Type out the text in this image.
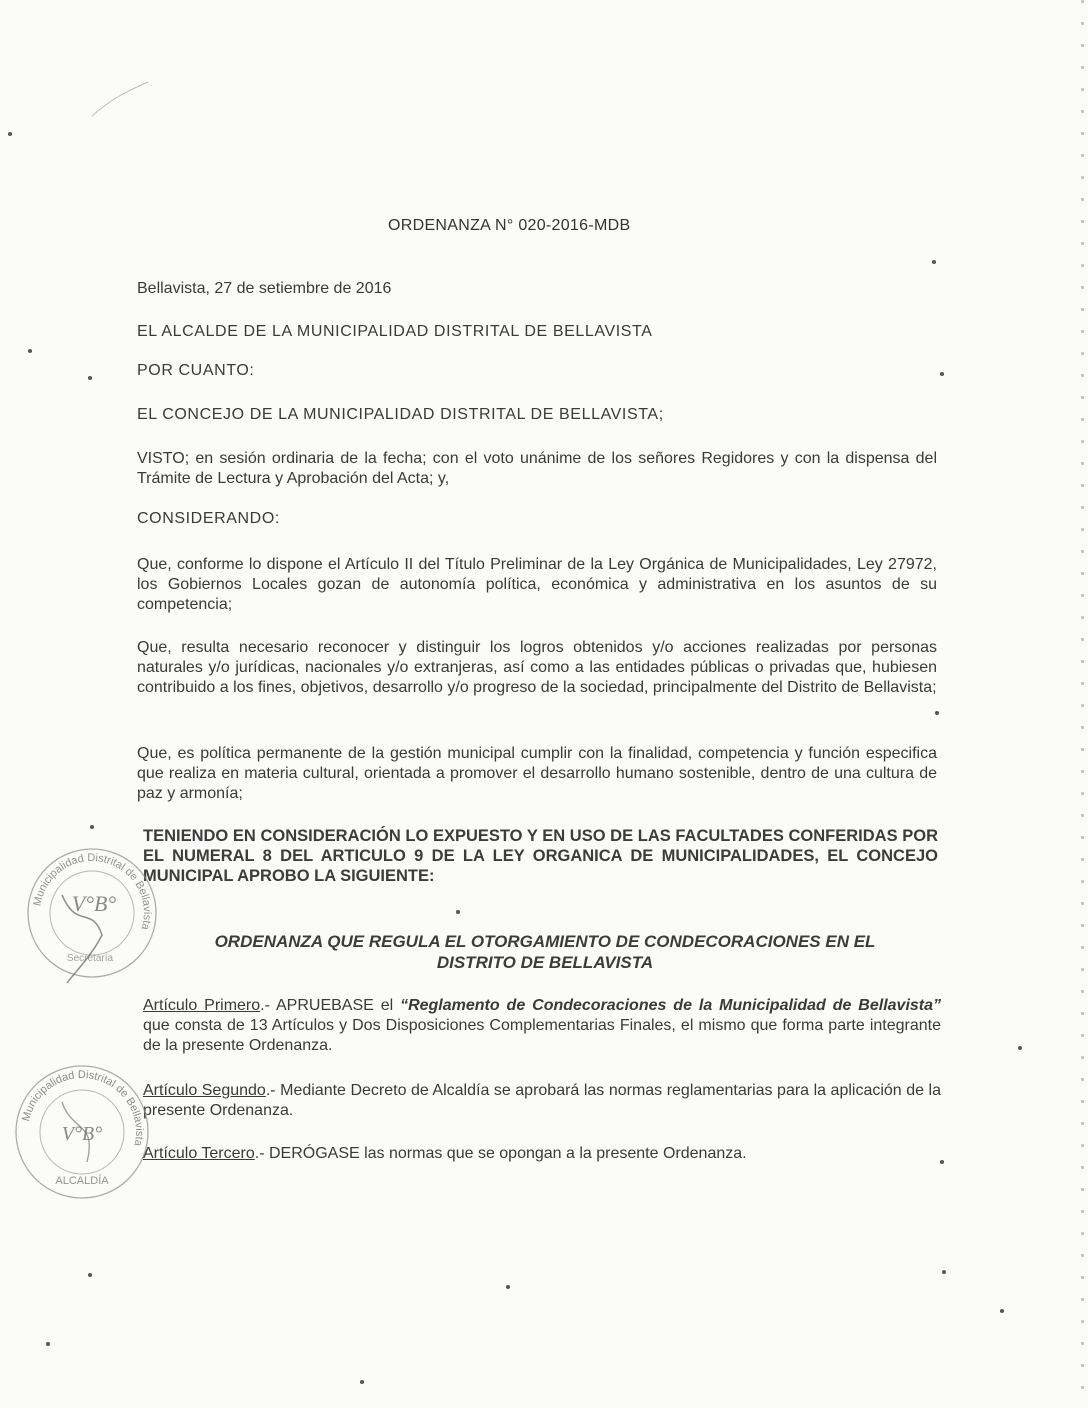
ORDENANZA N° 020-2016-MDB
Bellavista, 27 de setiembre de 2016
EL ALCALDE DE LA MUNICIPALIDAD DISTRITAL DE BELLAVISTA
POR CUANTO:
EL CONCEJO DE LA MUNICIPALIDAD DISTRITAL DE BELLAVISTA;
VISTO; en sesión ordinaria de la fecha; con el voto unánime de los señores Regidores y con la dispensa del Trámite de Lectura y Aprobación del Acta; y,
CONSIDERANDO:
Que, conforme lo dispone el Artículo II del Título Preliminar de la Ley Orgánica de Municipalidades, Ley 27972, los Gobiernos Locales gozan de autonomía política, económica y administrativa en los asuntos de su competencia;
Que, resulta necesario reconocer y distinguir los logros obtenidos y/o acciones realizadas por personas naturales y/o jurídicas, nacionales y/o extranjeras, así como a las entidades públicas o privadas que, hubiesen contribuido a los fines, objetivos, desarrollo y/o progreso de la sociedad, principalmente del Distrito de Bellavista;
Que, es política permanente de la gestión municipal cumplir con la finalidad, competencia y función especifica que realiza en materia cultural, orientada a promover el desarrollo humano sostenible, dentro de una cultura de paz y armonía;
TENIENDO EN CONSIDERACIÓN LO EXPUESTO Y EN USO DE LAS FACULTADES CONFERIDAS POR EL NUMERAL 8 DEL ARTICULO 9 DE LA LEY ORGANICA DE MUNICIPALIDADES, EL CONCEJO MUNICIPAL APROBO LA SIGUIENTE:
ORDENANZA QUE REGULA EL OTORGAMIENTO DE CONDECORACIONES EN EL
DISTRITO DE BELLAVISTA
Artículo Primero.- APRUEBASE el “Reglamento de Condecoraciones de la Municipalidad de Bellavista” que consta de 13 Artículos y Dos Disposiciones Complementarias Finales, el mismo que forma parte integrante de la presente Ordenanza.
Artículo Segundo.- Mediante Decreto de Alcaldía se aprobará las normas reglamentarias para la aplicación de la presente Ordenanza.
Artículo Tercero.- DERÓGASE las normas que se opongan a la presente Ordenanza.
Municipalidad Distrital de Bellavista
V°B°
Secretaría
Municipalidad Distrital de Bellavista
V°B°
ALCALDÍA
